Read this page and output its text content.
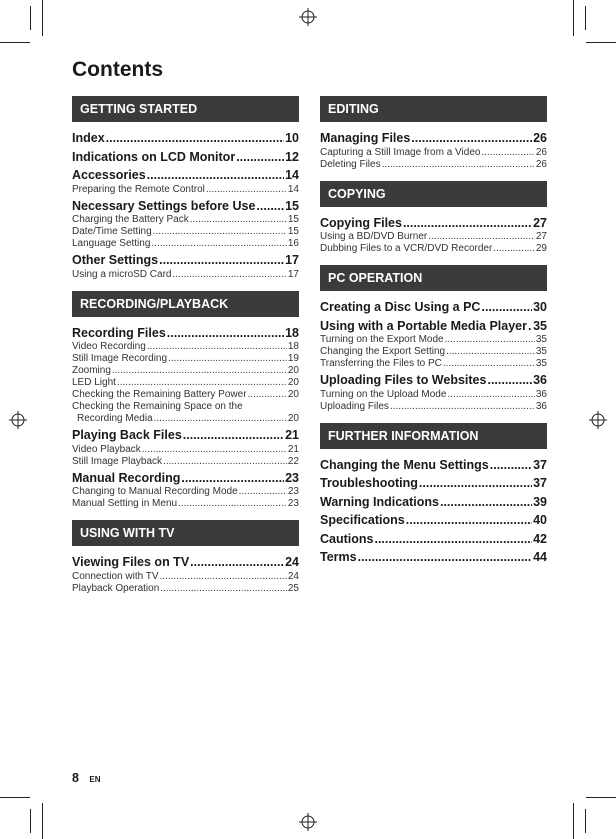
Contents
GETTING STARTED
Index .....	10
Indications on LCD Monitor .....	12
Accessories .....	14
Preparing the Remote Control .....	14
Necessary Settings before Use ..... 15
Charging the Battery Pack .....	15
Date/Time Setting .....	15
Language Setting .....	16
Other Settings .....	17
Using a microSD Card .....	17
RECORDING/PLAYBACK
Recording Files .....	18
Video Recording .....	18
Still Image Recording .....	19
Zooming .....	20
LED Light .....	20
Checking the Remaining Battery Power .....	20
Checking the Remaining Space on the
Recording Media .....	20
Playing Back Files .....	21
Video Playback .....	21
Still Image Playback .....	22
Manual Recording .....	23
Changing to Manual Recording Mode .....	23
Manual Setting in Menu .....	23
USING WITH TV
Viewing Files on TV .....	24
Connection with TV .....	24
Playback Operation .....	25
EDITING
Managing Files .....	26
Capturing a Still Image from a Video .....	26
Deleting Files .....	26
COPYING
Copying Files .....	27
Using a BD/DVD Burner .....	27
Dubbing Files to a VCR/DVD Recorder .....	29
PC OPERATION
Creating a Disc Using a PC .....	30
Using with a Portable Media Player ..... 35
Turning on the Export Mode .....	35
Changing the Export Setting .....	35
Transferring the Files to PC .....	35
Uploading Files to Websites .....	36
Turning on the Upload Mode .....	36
Uploading Files .....	36
FURTHER INFORMATION
Changing the Menu Settings .....	37
Troubleshooting .....	37
Warning Indications .....	39
Specifications .....	40
Cautions .....	42
Terms .....	44
8 EN
